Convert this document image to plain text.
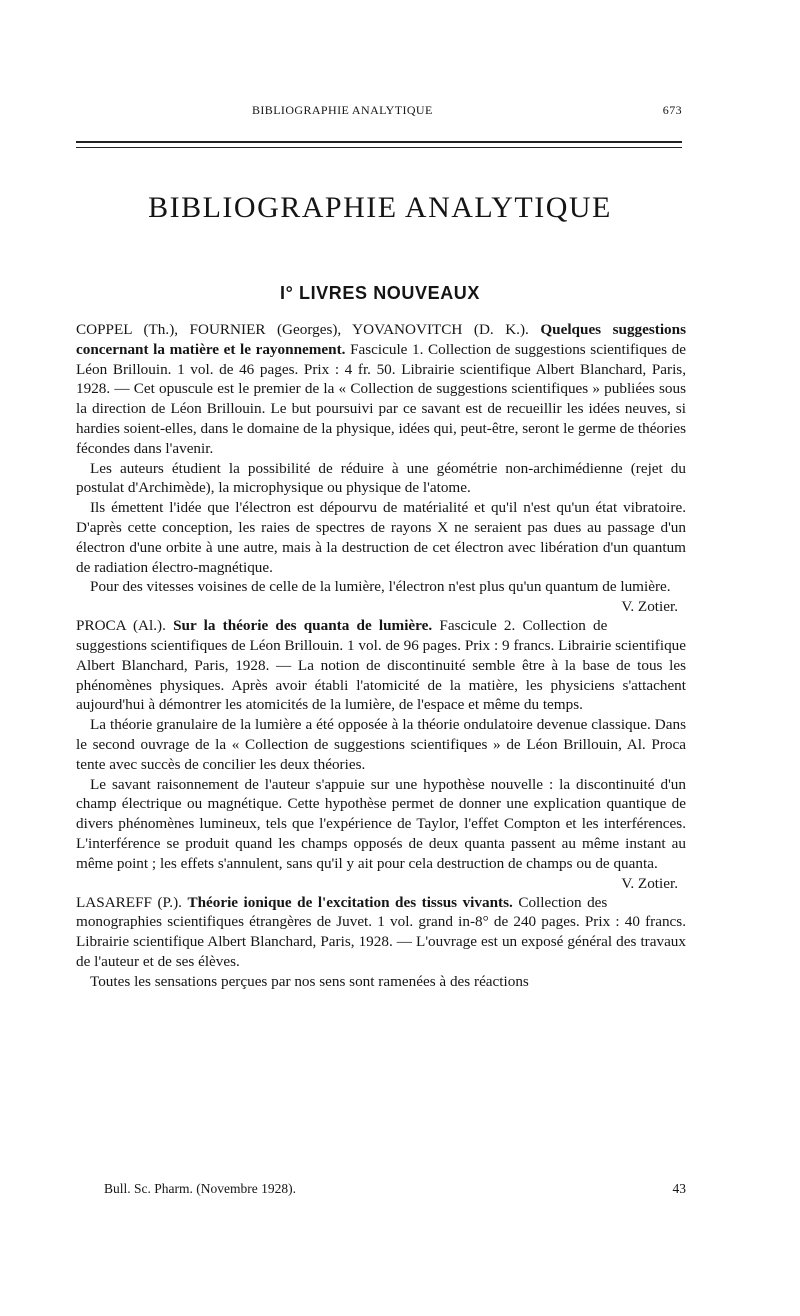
BIBLIOGRAPHIE ANALYTIQUE	673
BIBLIOGRAPHIE ANALYTIQUE
I° LIVRES NOUVEAUX

COPPEL (Th.), FOURNIER (Georges), YOVANOVITCH (D. K.). Quelques suggestions concernant la matière et le rayonnement. Fascicule 1. Collection de suggestions scientifiques de Léon Brillouin. 1 vol. de 46 pages. Prix : 4 fr. 50. Librairie scientifique Albert Blanchard, Paris, 1928. — Cet opuscule est le premier de la « Collection de suggestions scientifiques » publiées sous la direction de Léon Brillouin. Le but poursuivi par ce savant est de recueillir les idées neuves, si hardies soient-elles, dans le domaine de la physique, idées qui, peut-être, seront le germe de théories fécondes dans l'avenir.

Les auteurs étudient la possibilité de réduire à une géométrie non-archimédienne (rejet du postulat d'Archimède), la microphysique ou physique de l'atome.

Ils émettent l'idée que l'électron est dépourvu de matérialité et qu'il n'est qu'un état vibratoire. D'après cette conception, les raies de spectres de rayons X ne seraient pas dues au passage d'un électron d'une orbite à une autre, mais à la destruction de cet électron avec libération d'un quantum de radiation électro-magnétique.

Pour des vitesses voisines de celle de la lumière, l'électron n'est plus qu'un quantum de lumière.
V. Zotier.

PROCA (Al.). Sur la théorie des quanta de lumière. Fascicule 2. Collection de suggestions scientifiques de Léon Brillouin. 1 vol. de 96 pages. Prix : 9 francs. Librairie scientifique Albert Blanchard, Paris, 1928. — La notion de discontinuité semble être à la base de tous les phénomènes physiques. Après avoir établi l'atomicité de la matière, les physiciens s'attachent aujourd'hui à démontrer les atomicités de la lumière, de l'espace et même du temps.

La théorie granulaire de la lumière a été opposée à la théorie ondulatoire devenue classique. Dans le second ouvrage de la « Collection de suggestions scientifiques » de Léon Brillouin, Al. Proca tente avec succès de concilier les deux théories.

Le savant raisonnement de l'auteur s'appuie sur une hypothèse nouvelle : la discontinuité d'un champ électrique ou magnétique. Cette hypothèse permet de donner une explication quantique de divers phénomènes lumineux, tels que l'expérience de Taylor, l'effet Compton et les interférences. L'interférence se produit quand les champs opposés de deux quanta passent au même instant au même point ; les effets s'annulent, sans qu'il y ait pour cela destruction de champs ou de quanta.
V. Zotier.

LASAREFF (P.). Théorie ionique de l'excitation des tissus vivants. Collection des monographies scientifiques étrangères de Juvet. 1 vol. grand in-8° de 240 pages. Prix : 40 francs. Librairie scientifique Albert Blanchard, Paris, 1928. — L'ouvrage est un exposé général des travaux de l'auteur et de ses élèves.

Toutes les sensations perçues par nos sens sont ramenées à des réactions

Bull. Sc. Pharm. (Novembre 1928).	43
